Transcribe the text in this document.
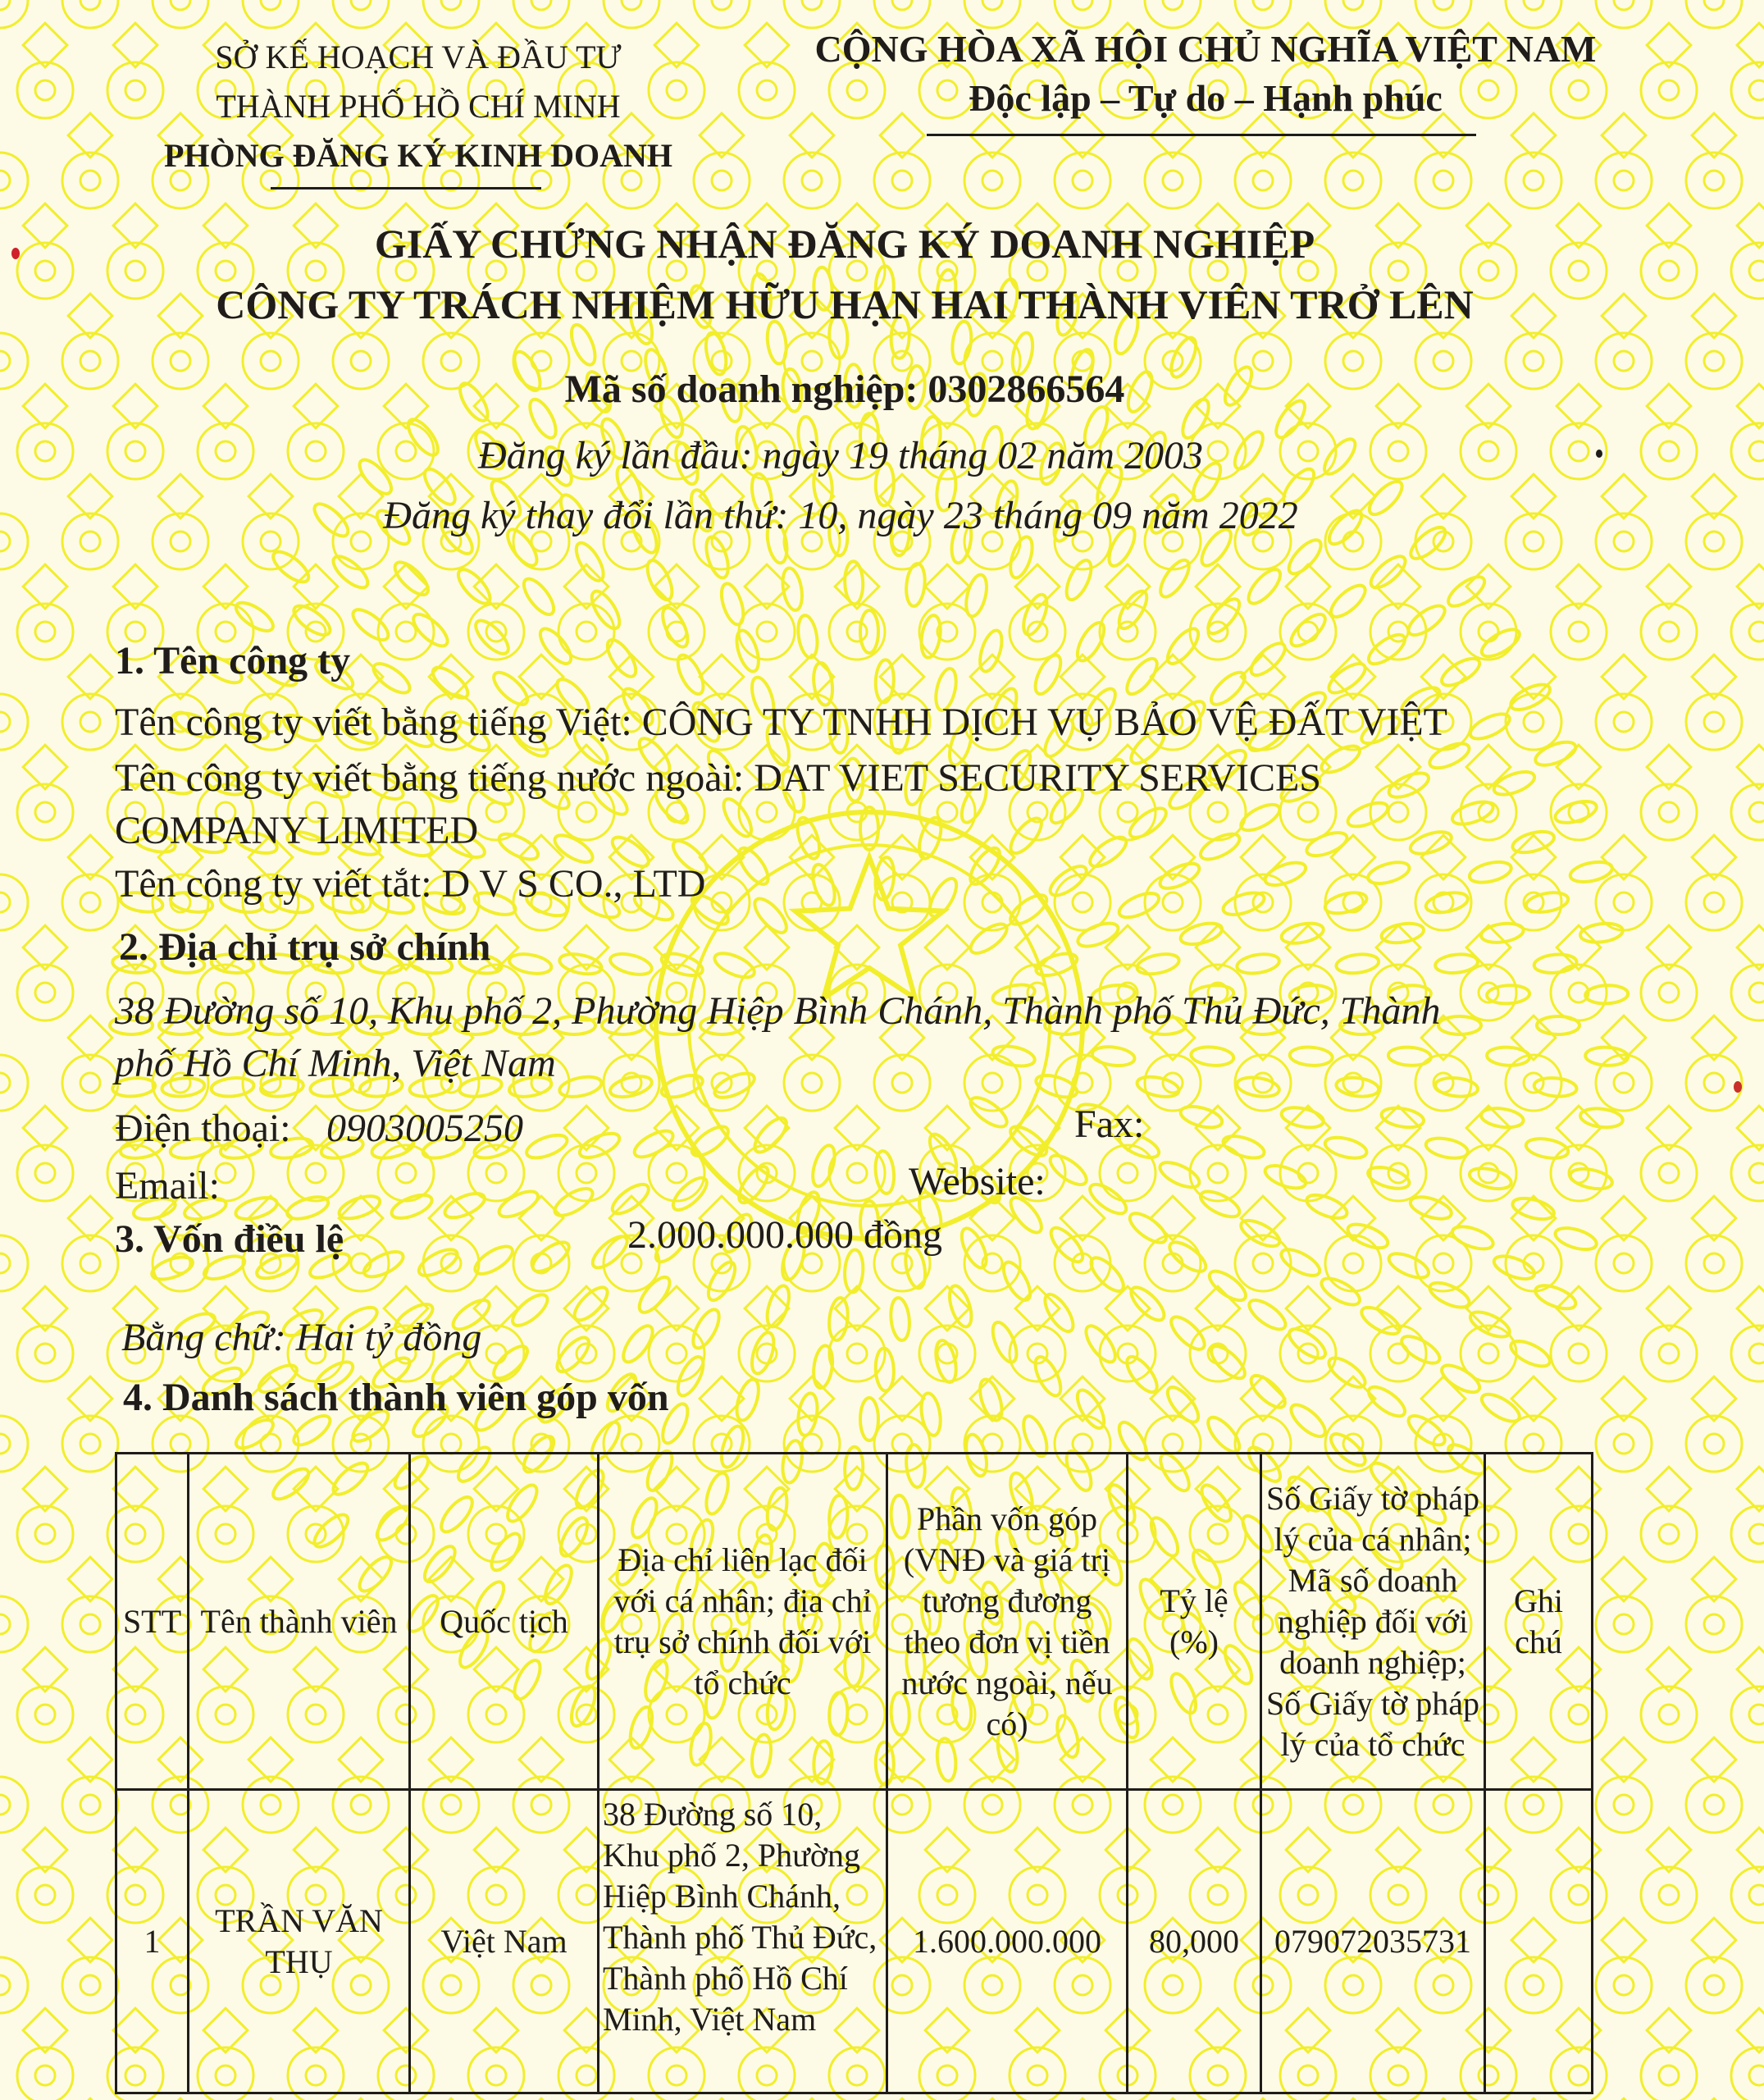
SỞ KẾ HOẠCH VÀ ĐẦU TƯ
THÀNH PHỐ HỒ CHÍ MINH
PHÒNG ĐĂNG KÝ KINH DOANH
CỘNG HÒA XÃ HỘI CHỦ NGHĨA VIỆT NAM
Độc lập – Tự do – Hạnh phúc
GIẤY CHỨNG NHẬN ĐĂNG KÝ DOANH NGHIỆP
CÔNG TY TRÁCH NHIỆM HỮU HẠN HAI THÀNH VIÊN TRỞ LÊN
Mã số doanh nghiệp: 0302866564
Đăng ký lần đầu: ngày 19 tháng 02 năm 2003
Đăng ký thay đổi lần thứ: 10, ngày 23 tháng 09 năm 2022
1. Tên công ty
Tên công ty viết bằng tiếng Việt: CÔNG TY TNHH DỊCH VỤ BẢO VỆ ĐẤT VIỆT
Tên công ty viết bằng tiếng nước ngoài: DAT VIET SECURITY SERVICES
COMPANY LIMITED
Tên công ty viết tắt: D V S CO., LTD
2. Địa chỉ trụ sở chính
38 Đường số 10, Khu phố 2, Phường Hiệp Bình Chánh, Thành phố Thủ Đức, Thành
phố Hồ Chí Minh, Việt Nam
Điện thoại: 0903005250	Fax:
Email:	Website:
3. Vốn điều lệ	2.000.000.000 đồng
Bằng chữ: Hai tỷ đồng
4. Danh sách thành viên góp vốn
STT	Tên thành viên	Quốc tịch	Địa chỉ liên lạc đối với cá nhân; địa chỉ trụ sở chính đối với tổ chức	Phần vốn góp (VNĐ và giá trị tương đương theo đơn vị tiền nước ngoài, nếu có)	Tỷ lệ (%)	Số Giấy tờ pháp lý của cá nhân; Mã số doanh nghiệp đối với doanh nghiệp; Số Giấy tờ pháp lý của tổ chức	Ghi chú
1	TRẦN VĂN THỤ	Việt Nam	38 Đường số 10, Khu phố 2, Phường Hiệp Bình Chánh, Thành phố Thủ Đức, Thành phố Hồ Chí Minh, Việt Nam	1.600.000.000	80,000	079072035731	
